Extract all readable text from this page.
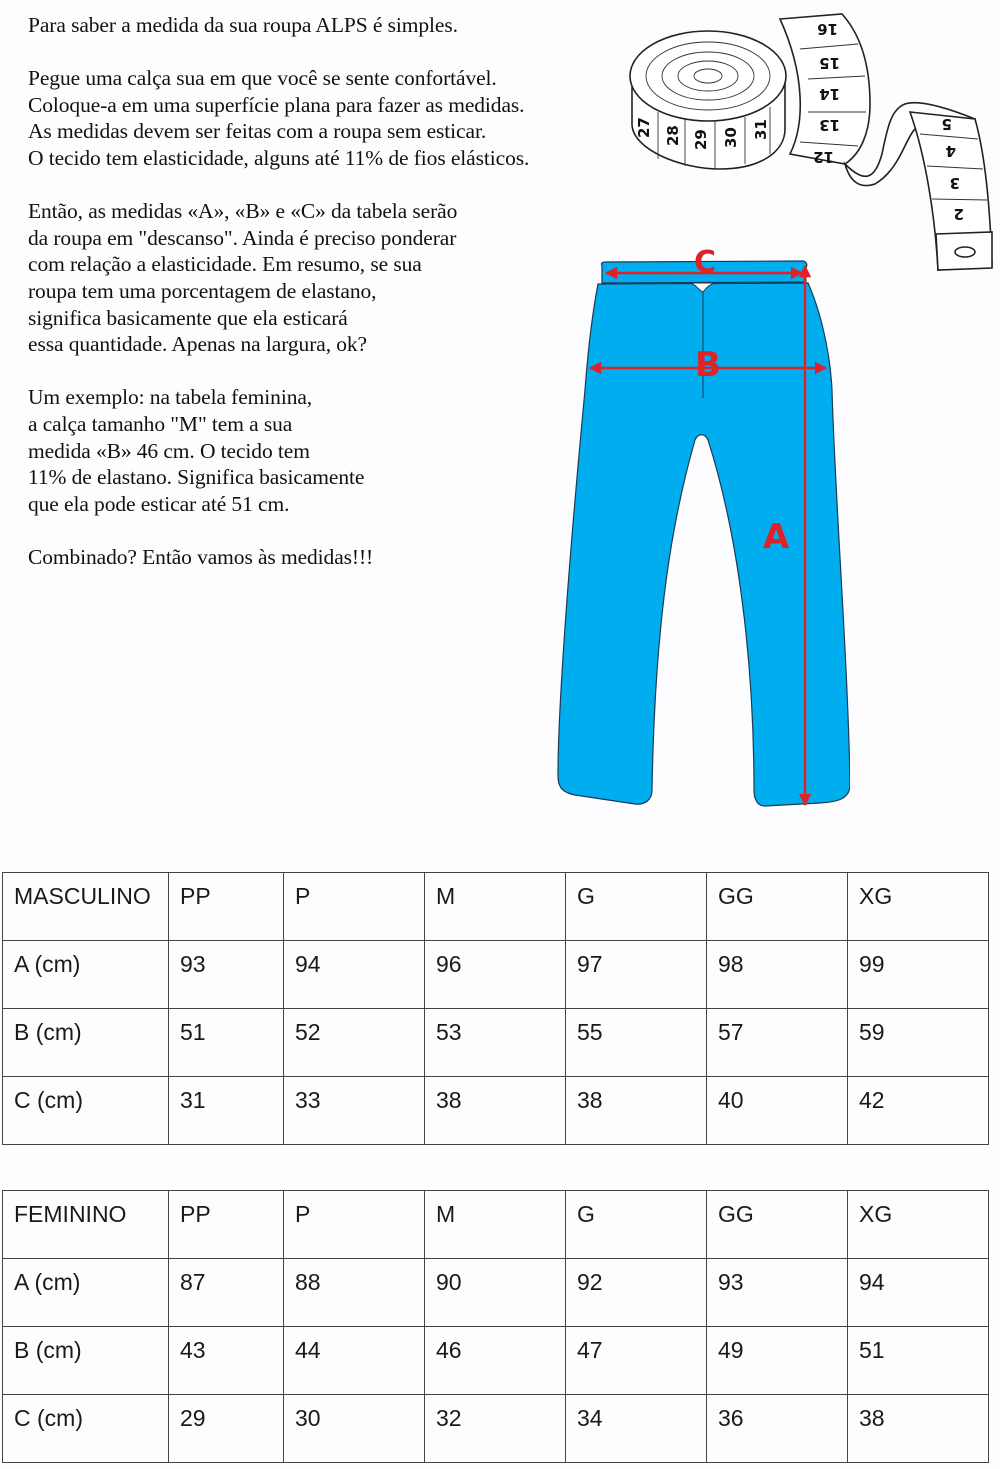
Para saber a medida da sua roupa ALPS é simples.

Pegue uma calça sua em que você se sente confortável.
Coloque-a em uma superfície plana para fazer as medidas.
As medidas devem ser feitas com a roupa sem esticar.
O tecido tem elasticidade, alguns até 11% de fios elásticos.

Então, as medidas «A», «B» e «C» da tabela serão
da roupa em "descanso". Ainda é preciso ponderar
com relação a elasticidade. Em resumo, se sua
roupa tem uma porcentagem de elastano,
significa basicamente que ela esticará
essa quantidade. Apenas na largura, ok?

Um exemplo: na tabela feminina,
a calça tamanho "M" tem a sua
medida «B» 46 cm. O tecido tem
11% de elastano. Significa basicamente
que ela pode esticar até 51 cm.

Combinado? Então vamos às medidas!!!

27 28 29 30 31
16
15
14
13
12
5
4
3
2
C
B
A
MASCULINO	PP	P	M	G	GG	XG
A (cm)	93	94	96	97	98	99
B (cm)	51	52	53	55	57	59
C (cm)	31	33	38	38	40	42
FEMININO	PP	P	M	G	GG	XG
A (cm)	87	88	90	92	93	94
B (cm)	43	44	46	47	49	51
C (cm)	29	30	32	34	36	38
